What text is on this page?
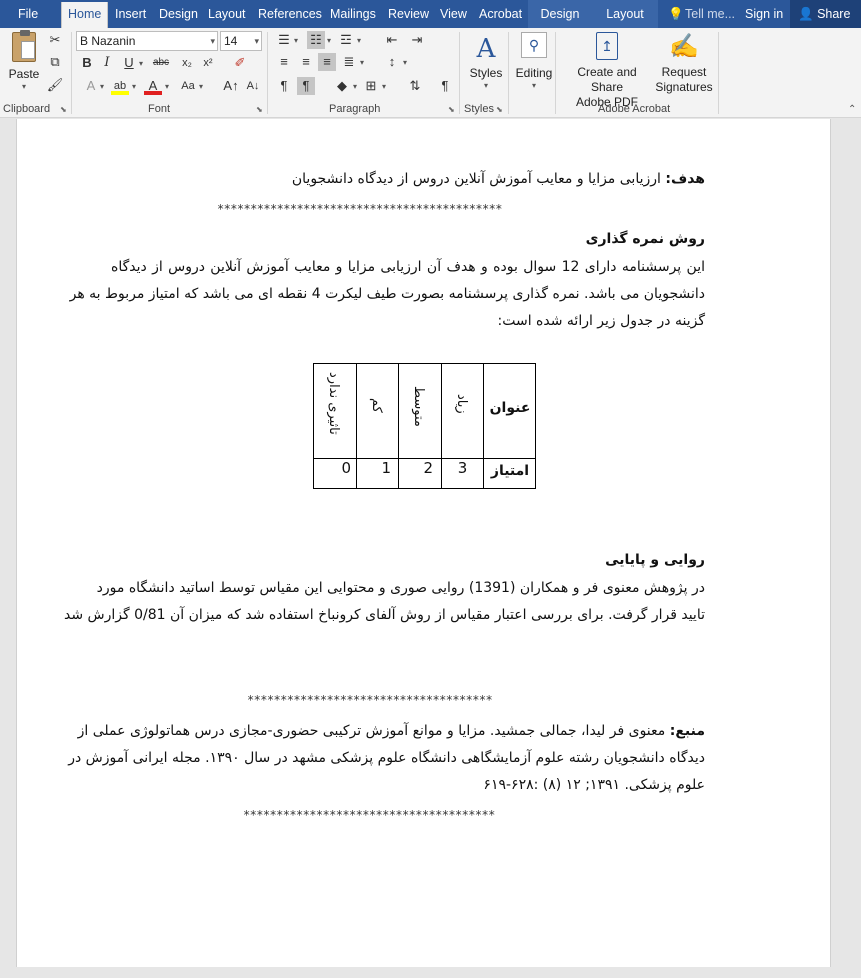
File	Home	Insert Design Layout References Mailings Review View Acrobat	Design	Layout	💡 Tell me... Sign in	👤 Share
Paste
▾
✂
⧉
🖌
Clipboard ⬊
B Nazanin	▾ 14 ▾
B I	U ▾ abc	x₂	x²	✐
A ▾ ab ▾ A ▾ Aa ▾ A↑ A↓
Font	⬊
☰ ▾ ☷ ▾ ☲ ▾ ⇤ ⇥
≡	≡	≡ ≣ ▾	↕ ▾
¶	¶	◆ ▾ ⊞ ▾ ⇅	¶
Paragraph	⬊
A
Styles
▾
Styles ⬊
⚲
Editing
▾
↥
Create and Share
Adobe PDF
✍
Request
Signatures
Adobe Acrobat	⌃
هدف: ارزیابی مزایا و معایب آموزش آنلاین دروس از دیدگاه دانشجویان
*******************************************
روش نمره گذاری
این پرسشنامه دارای 12 سوال بوده و هدف آن ارزیابی مزایا و معایب آموزش آنلاین دروس از دیدگاه
دانشجویان می باشد. نمره گذاری پرسشنامه بصورت طیف لیکرت 4 نقطه ای می باشد که امتیاز مربوط به هر
گزینه در جدول زیر ارائه شده است:
عنوان
زیاد
متوسط
کم
تاثیری ندارد
امتیاز
3
2
1
0
روایی و پایایی
در پژوهش معنوی فر و همکاران (1391) روایی صوری و محتوایی این مقیاس توسط اساتید دانشگاه مورد
تایید قرار گرفت. برای بررسی اعتبار مقیاس از روش آلفای کرونباخ استفاده شد که میزان آن 0/81 گزارش شد
*************************************
منبع: معنوی فر لیدا، جمالی جمشید. مزایا و موانع آموزش ترکیبی حضوری-مجازی درس هماتولوژی عملی از
دیدگاه دانشجویان رشته علوم آزمایشگاهی دانشگاه علوم پزشکی مشهد در سال ۱۳۹۰. مجله ایرانی آموزش در
علوم پزشکی. ۱۳۹۱; ۱۲ (۸) :۶۲۸-۶۱۹
**************************************
